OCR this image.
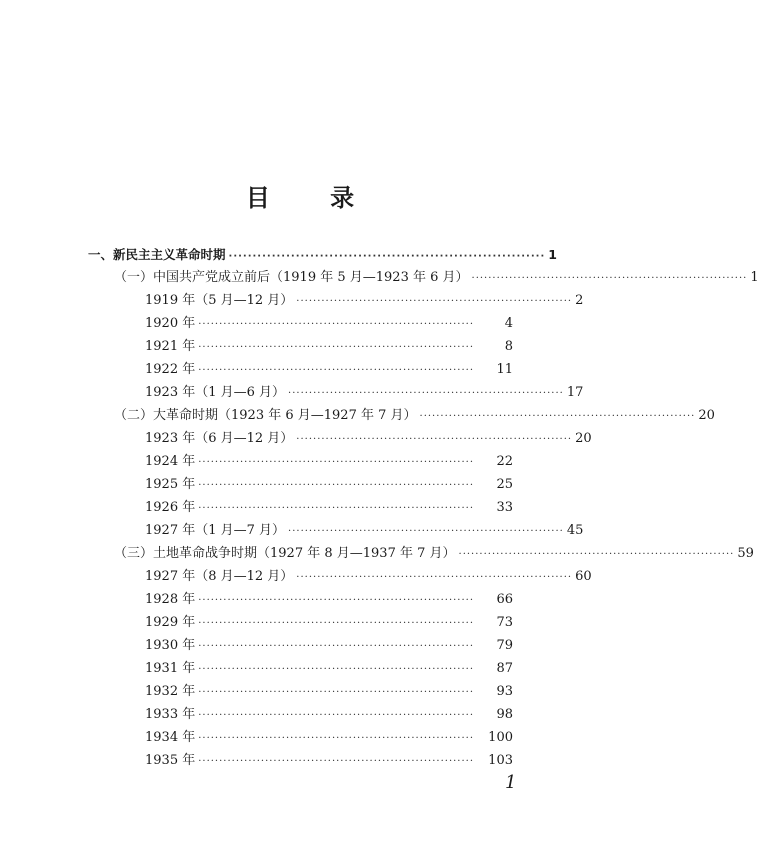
目 录
一、新民主主义革命时期 ·································································· 1
（一）中国共产党成立前后（1919 年 5 月—1923 年 6 月） ·································································· 1
1919 年（5 月—12 月） ·································································· 2
1920 年 ··································································	4
1921 年 ··································································	8
1922 年 ··································································	11
1923 年（1 月—6 月） ·································································· 17
（二）大革命时期（1923 年 6 月—1927 年 7 月） ·································································· 20
1923 年（6 月—12 月） ·································································· 20
1924 年 ··································································	22
1925 年 ··································································	25
1926 年 ··································································	33
1927 年（1 月—7 月） ·································································· 45
（三）土地革命战争时期（1927 年 8 月—1937 年 7 月） ·································································· 59
1927 年（8 月—12 月） ·································································· 60
1928 年 ··································································	66
1929 年 ··································································	73
1930 年 ··································································	79
1931 年 ··································································	87
1932 年 ··································································	93
1933 年 ··································································	98
1934 年 ··································································	100
1935 年 ··································································	103
1
